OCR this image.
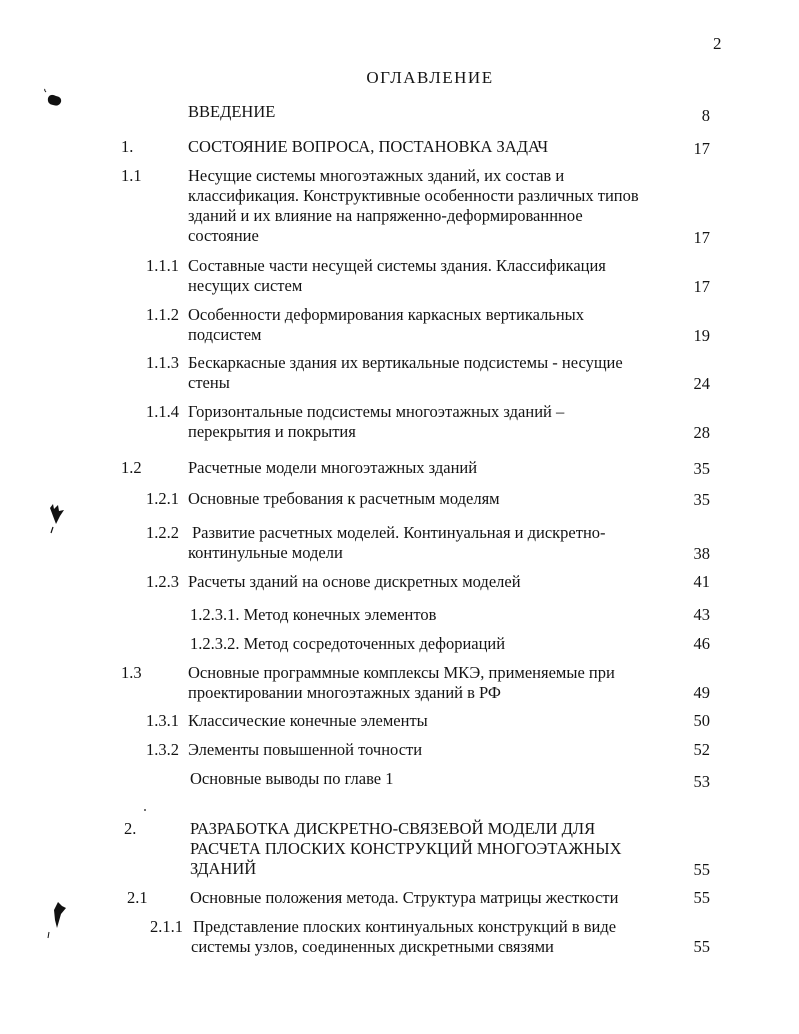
2
ОГЛАВЛЕНИЕ
ВВЕДЕНИЕ	8
1.	СОСТОЯНИЕ ВОПРОСА, ПОСТАНОВКА ЗАДАЧ	17
1.1	Несущие системы многоэтажных зданий, их состав и
классификация. Конструктивные особенности различных типов
зданий и их влияние на напряженно-деформированнное
состояние	17
1.1.1 Составные части несущей системы здания. Классификация
несущих систем	17
1.1.2 Особенности деформирования каркасных вертикальных
подсистем	19
1.1.3 Бескаркасные здания их вертикальные подсистемы - несущие
стены	24
1.1.4 Горизонтальные подсистемы многоэтажных зданий –
перекрытия и покрытия	28
1.2	Расчетные модели многоэтажных зданий	35
1.2.1 Основные требования к расчетным моделям	35
1.2.2 Развитие расчетных моделей. Континуальная и дискретно-
континульные модели	38
1.2.3 Расчеты зданий на основе дискретных моделей	41
1.2.3.1. Метод конечных элементов	43
1.2.3.2. Метод сосредоточенных дефориаций	46
1.3	Основные программные комплексы МКЭ, применяемые при
проектировании многоэтажных зданий в РФ	49
1.3.1 Классические конечные элементы	50
1.3.2 Элементы повышенной точности	52
Основные выводы по главе 1	53
2.	РАЗРАБОТКА ДИСКРЕТНО-СВЯЗЕВОЙ МОДЕЛИ ДЛЯ
РАСЧЕТА ПЛОСКИХ КОНСТРУКЦИЙ МНОГОЭТАЖНЫХ
ЗДАНИЙ	55
2.1	Основные положения метода. Структура матрицы жесткости	55
2.1.1 Представление плоских континуальных конструкций в виде
системы узлов, соединенных дискретными связями	55
